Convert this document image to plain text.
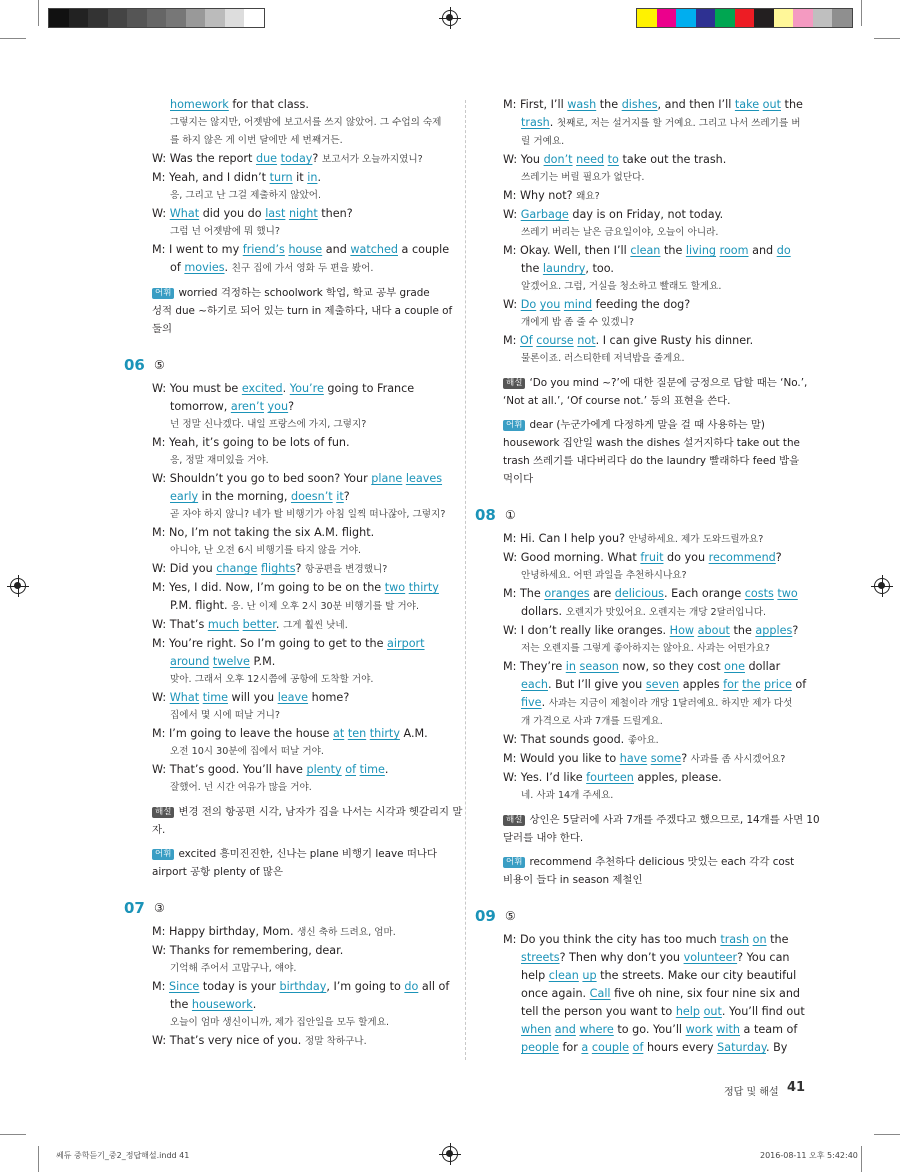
homework for that class.
그렇지는 않지만, 어젯밤에 보고서를 쓰지 않았어. 그 수업의 숙제
를 하지 않은 게 이번 달에만 세 번째거든.
W: Was the report due today? 보고서가 오늘까지였니?
M: Yeah, and I didn’t turn it in.
응, 그리고 난 그걸 제출하지 않았어.
W: What did you do last night then?
그럼 넌 어젯밤에 뭐 했니?
M: I went to my friend’s house and watched a couple
of movies. 친구 집에 가서 영화 두 편을 봤어.
어휘 worried 걱정하는 schoolwork 학업, 학교 공부 grade
성적 due ~하기로 되어 있는 turn in 제출하다, 내다 a couple of
둘의
06 ⑤
W: You must be excited. You’re going to France
tomorrow, aren’t you?
넌 정말 신나겠다. 내일 프랑스에 가지, 그렇지?
M: Yeah, it’s going to be lots of fun.
응, 정말 재미있을 거야.
W: Shouldn’t you go to bed soon? Your plane leaves
early in the morning, doesn’t it?
곧 자야 하지 않니? 네가 탈 비행기가 아침 일찍 떠나잖아, 그렇지?
M: No, I’m not taking the six A.M. flight.
아니야, 난 오전 6시 비행기를 타지 않을 거야.
W: Did you change flights? 항공편을 변경했니?
M: Yes, I did. Now, I’m going to be on the two thirty
P.M. flight. 응. 난 이제 오후 2시 30분 비행기를 탈 거야.
W: That’s much better. 그게 훨씬 낫네.
M: You’re right. So I’m going to get to the airport
around twelve P.M.
맞아. 그래서 오후 12시쯤에 공항에 도착할 거야.
W: What time will you leave home?
집에서 몇 시에 떠날 거니?
M: I’m going to leave the house at ten thirty A.M.
오전 10시 30분에 집에서 떠날 거야.
W: That’s good. You’ll have plenty of time.
잘했어. 넌 시간 여유가 많을 거야.
해설 변경 전의 항공편 시각, 남자가 집을 나서는 시각과 헷갈리지 말
자.
어휘 excited 흥미진진한, 신나는 plane 비행기 leave 떠나다
airport 공항 plenty of 많은
07 ③
M: Happy birthday, Mom. 생신 축하 드려요, 엄마.
W: Thanks for remembering, dear.
기억해 주어서 고맙구나, 얘야.
M: Since today is your birthday, I’m going to do all of
the housework.
오늘이 엄마 생신이니까, 제가 집안일을 모두 할게요.
W: That’s very nice of you. 정말 착하구나.
M: First, I’ll wash the dishes, and then I’ll take out the
trash. 첫째로, 저는 설거지를 할 거예요. 그리고 나서 쓰레기를 버
릴 거예요.
W: You don’t need to take out the trash.
쓰레기는 버릴 필요가 없단다.
M: Why not? 왜요?
W: Garbage day is on Friday, not today.
쓰레기 버리는 날은 금요일이야, 오늘이 아니라.
M: Okay. Well, then I’ll clean the living room and do
the laundry, too.
알겠어요. 그럼, 거실을 청소하고 빨래도 할게요.
W: Do you mind feeding the dog?
개에게 밥 좀 줄 수 있겠니?
M: Of course not. I can give Rusty his dinner.
물론이죠. 러스티한테 저녁밥을 줄게요.
해설 ‘Do you mind ~?’에 대한 질문에 긍정으로 답할 때는 ‘No.’,
‘Not at all.’, ‘Of course not.’ 등의 표현을 쓴다.
어휘 dear (누군가에게 다정하게 말을 걸 때 사용하는 말)
housework 집안일 wash the dishes 설거지하다 take out the
trash 쓰레기를 내다버리다 do the laundry 빨래하다 feed 밥을
먹이다
08 ①
M: Hi. Can I help you? 안녕하세요. 제가 도와드릴까요?
W: Good morning. What fruit do you recommend?
안녕하세요. 어떤 과일을 추천하시나요?
M: The oranges are delicious. Each orange costs two
dollars. 오렌지가 맛있어요. 오렌지는 개당 2달러입니다.
W: I don’t really like oranges. How about the apples?
저는 오렌지를 그렇게 좋아하지는 않아요. 사과는 어떤가요?
M: They’re in season now, so they cost one dollar
each. But I’ll give you seven apples for the price of
five. 사과는 지금이 제철이라 개당 1달러예요. 하지만 제가 다섯
개 가격으로 사과 7개를 드릴게요.
W: That sounds good. 좋아요.
M: Would you like to have some? 사과를 좀 사시겠어요?
W: Yes. I’d like fourteen apples, please.
네. 사과 14개 주세요.
해설 상인은 5달러에 사과 7개를 주겠다고 했으므로, 14개를 사면 10
달러를 내야 한다.
어휘 recommend 추천하다 delicious 맛있는 each 각각 cost
비용이 들다 in season 제철인
09 ⑤
M: Do you think the city has too much trash on the
streets? Then why don’t you volunteer? You can
help clean up the streets. Make our city beautiful
once again. Call five oh nine, six four nine six and
tell the person you want to help out. You’ll find out
when and where to go. You’ll work with a team of
people for a couple of hours every Saturday. By
정답 및 해설 41
쎄듀 중학듣기_중2_정답해설.indd 41	2016-08-11 오후 5:42:40
